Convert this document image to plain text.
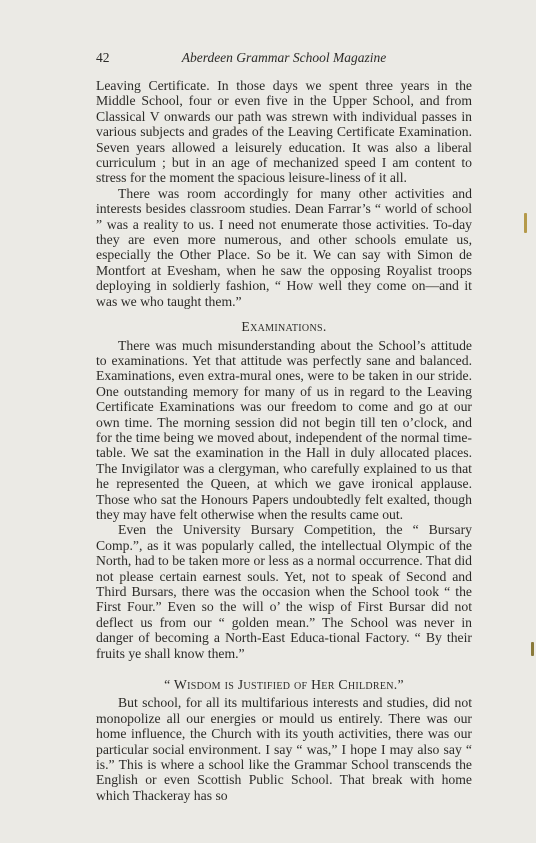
42	Aberdeen Grammar School Magazine

Leaving Certificate. In those days we spent three years in the Middle School, four or even five in the Upper School, and from Classical V onwards our path was strewn with individual passes in various subjects and grades of the Leaving Certificate Examination. Seven years allowed a leisurely education. It was also a liberal curriculum ; but in an age of mechanized speed I am content to stress for the moment the spacious leisure-liness of it all.

There was room accordingly for many other activities and interests besides classroom studies. Dean Farrar’s “ world of school ” was a reality to us. I need not enumerate those activities. To-day they are even more numerous, and other schools emulate us, especially the Other Place. So be it. We can say with Simon de Montfort at Evesham, when he saw the opposing Royalist troops deploying in soldierly fashion, “ How well they come on—and it was we who taught them.”

Examinations.

There was much misunderstanding about the School’s attitude to examinations. Yet that attitude was perfectly sane and balanced. Examinations, even extra-mural ones, were to be taken in our stride. One outstanding memory for many of us in regard to the Leaving Certificate Examinations was our freedom to come and go at our own time. The morning session did not begin till ten o’clock, and for the time being we moved about, independent of the normal time-table. We sat the examination in the Hall in duly allocated places. The Invigilator was a clergyman, who carefully explained to us that he represented the Queen, at which we gave ironical applause. Those who sat the Honours Papers undoubtedly felt exalted, though they may have felt otherwise when the results came out.

Even the University Bursary Competition, the “ Bursary Comp.”, as it was popularly called, the intellectual Olympic of the North, had to be taken more or less as a normal occurrence. That did not please certain earnest souls. Yet, not to speak of Second and Third Bursars, there was the occasion when the School took “ the First Four.” Even so the will o’ the wisp of First Bursar did not deflect us from our “ golden mean.” The School was never in danger of becoming a North-East Educa-tional Factory. “ By their fruits ye shall know them.”

“ Wisdom is Justified of Her Children.”

But school, for all its multifarious interests and studies, did not monopolize all our energies or mould us entirely. There was our home influence, the Church with its youth activities, there was our particular social environment. I say “ was,” I hope I may also say “ is.” This is where a school like the Grammar School transcends the English or even Scottish Public School. That break with home which Thackeray has so
